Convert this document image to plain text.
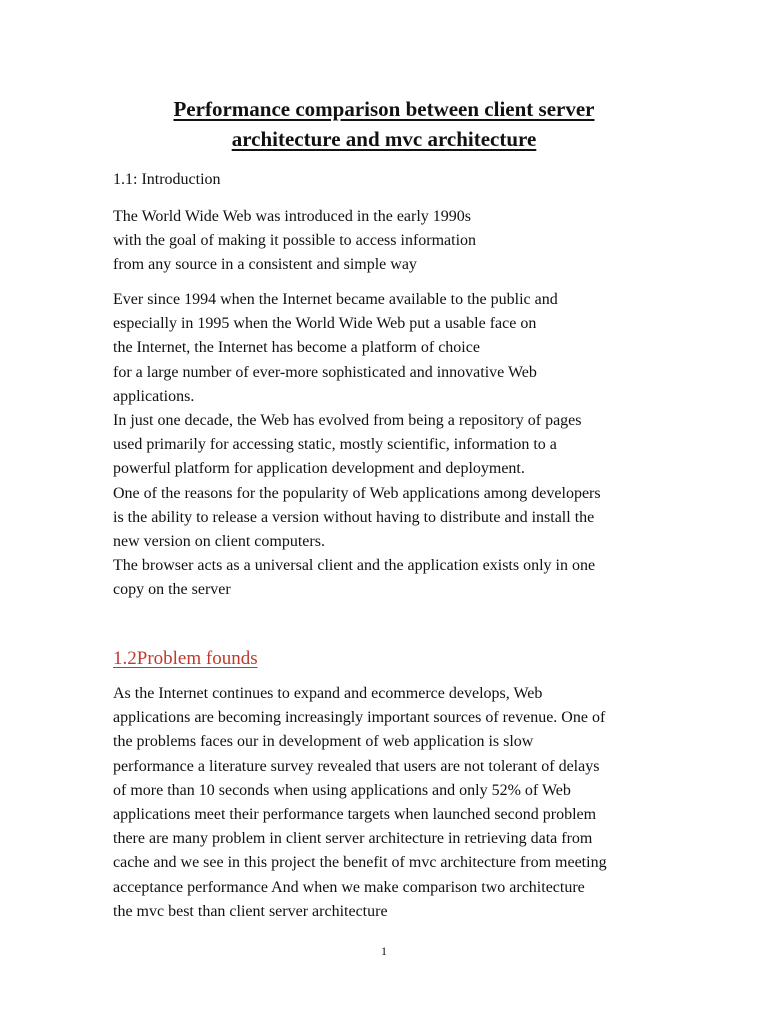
Performance comparison between client server
architecture and mvc architecture
1.1: Introduction
The World Wide Web was introduced in the early 1990s
with the goal of making it possible to access information
from any source in a consistent and simple way
Ever since 1994 when the Internet became available to the public and
especially in 1995 when the World Wide Web put a usable face on
the Internet, the Internet has become a platform of choice
for a large number of ever-more sophisticated and innovative Web
applications.
In just one decade, the Web has evolved from being a repository of pages
used primarily for accessing static, mostly scientific, information to a
powerful platform for application development and deployment.
One of the reasons for the popularity of Web applications among developers
is the ability to release a version without having to distribute and install the
new version on client computers.
The browser acts as a universal client and the application exists only in one
copy on the server
1.2Problem founds
As the Internet continues to expand and ecommerce develops, Web
applications are becoming increasingly important sources of revenue. One of
the problems faces our in development of web application is slow
performance a literature survey revealed that users are not tolerant of delays
of more than 10 seconds when using applications and only 52% of Web
applications meet their performance targets when launched second problem
there are many problem in client server architecture in retrieving data from
cache and we see in this project the benefit of mvc architecture from meeting
acceptance performance And when we make comparison two architecture
the mvc best than client server architecture
1
